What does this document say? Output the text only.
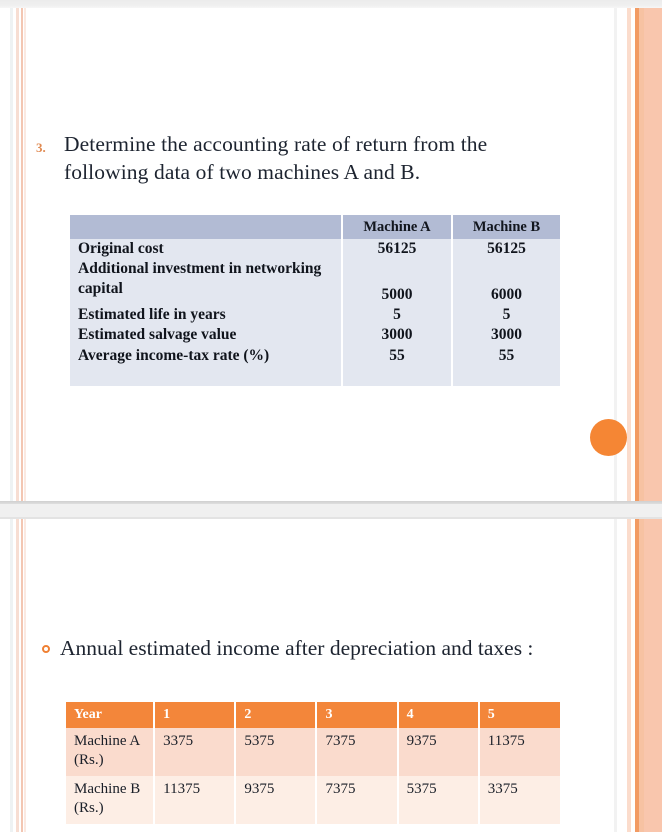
3. Determine the accounting rate of return from the following data of two machines A and B.
	Machine A	Machine B
Original cost	56125	56125
Additional investment in networking capital	5000	6000
Estimated life in years	5	5
Estimated salvage value	3000	3000
Average income-tax rate (%)	55	55

Annual estimated income after depreciation and taxes :
Year	1	2	3	4	5
Machine A (Rs.)	3375	5375	7375	9375	11375
Machine B (Rs.)	11375	9375	7375	5375	3375
